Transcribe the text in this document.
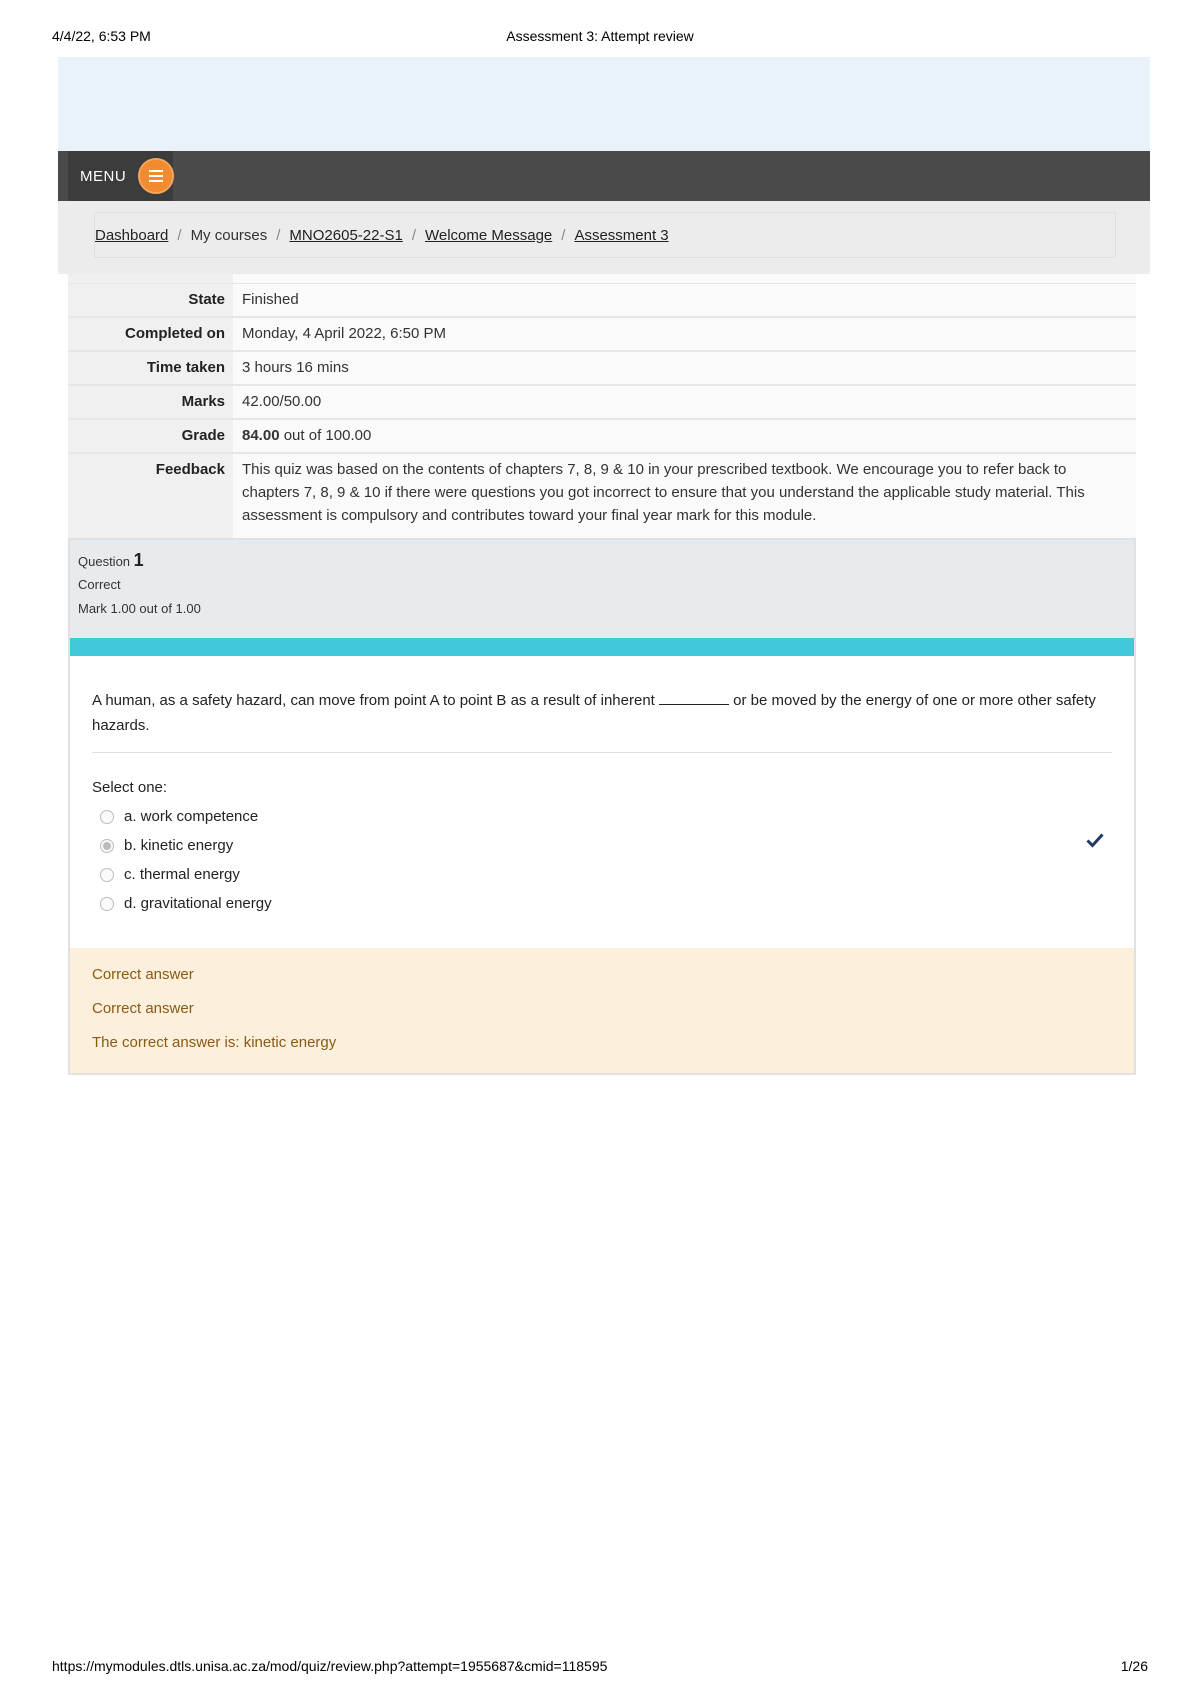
4/4/22, 6:53 PM	Assessment 3: Attempt review
MENU
Dashboard / My courses / MNO2605-22-S1 / Welcome Message / Assessment 3
State	Finished
Completed on	Monday, 4 April 2022, 6:50 PM
Time taken	3 hours 16 mins
Marks	42.00/50.00
Grade	84.00 out of 100.00
Feedback	This quiz was based on the contents of chapters 7, 8, 9 & 10 in your prescribed textbook. We encourage you to refer back to chapters 7, 8, 9 & 10 if there were questions you got incorrect to ensure that you understand the applicable study material. This assessment is compulsory and contributes toward your final year mark for this module.
Question 1
Correct
Mark 1.00 out of 1.00
A human, as a safety hazard, can move from point A to point B as a result of inherent	or be moved by the energy of one or more other safety hazards.
Select one:
a. work competence
b. kinetic energy
c. thermal energy
d. gravitational energy
Correct answer
Correct answer
The correct answer is: kinetic energy
https://mymodules.dtls.unisa.ac.za/mod/quiz/review.php?attempt=1955687&cmid=118595	1/26
